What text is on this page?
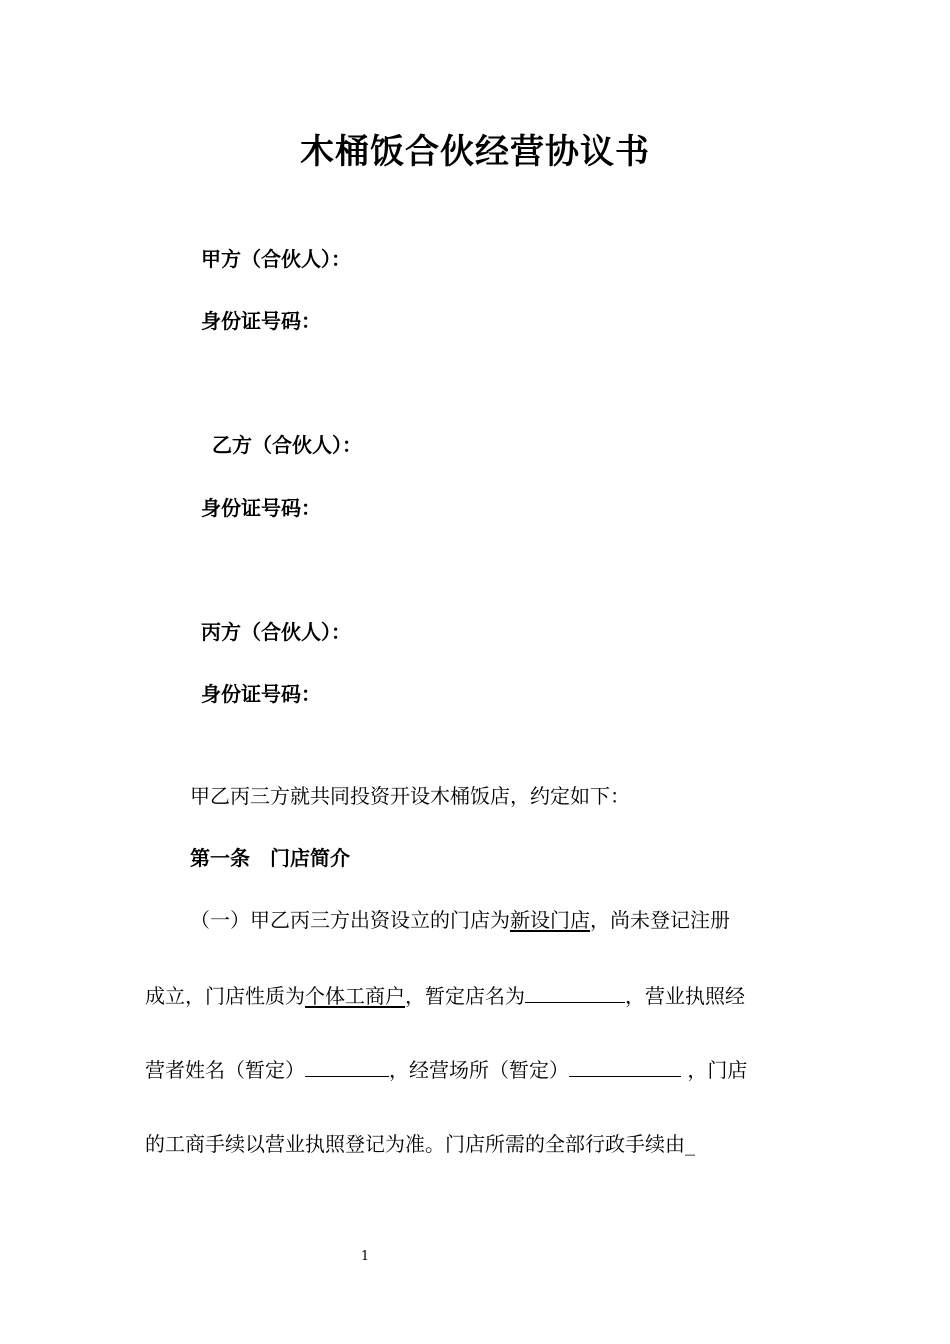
木桶饭合伙经营协议书
甲方（合伙人）：
身份证号码：
乙方（合伙人）：
身份证号码：
丙方（合伙人）：
身份证号码：
甲乙丙三方就共同投资开设木桶饭店，约定如下：
第一条　门店简介
（一）甲乙丙三方出资设立的门店为新设门店，尚未登记注册
成立，门店性质为个体工商户，暂定店名为	，营业执照经
营者姓名（暂定）	，经营场所（暂定）	，门店
的工商手续以营业执照登记为准。门店所需的全部行政手续由_
1
